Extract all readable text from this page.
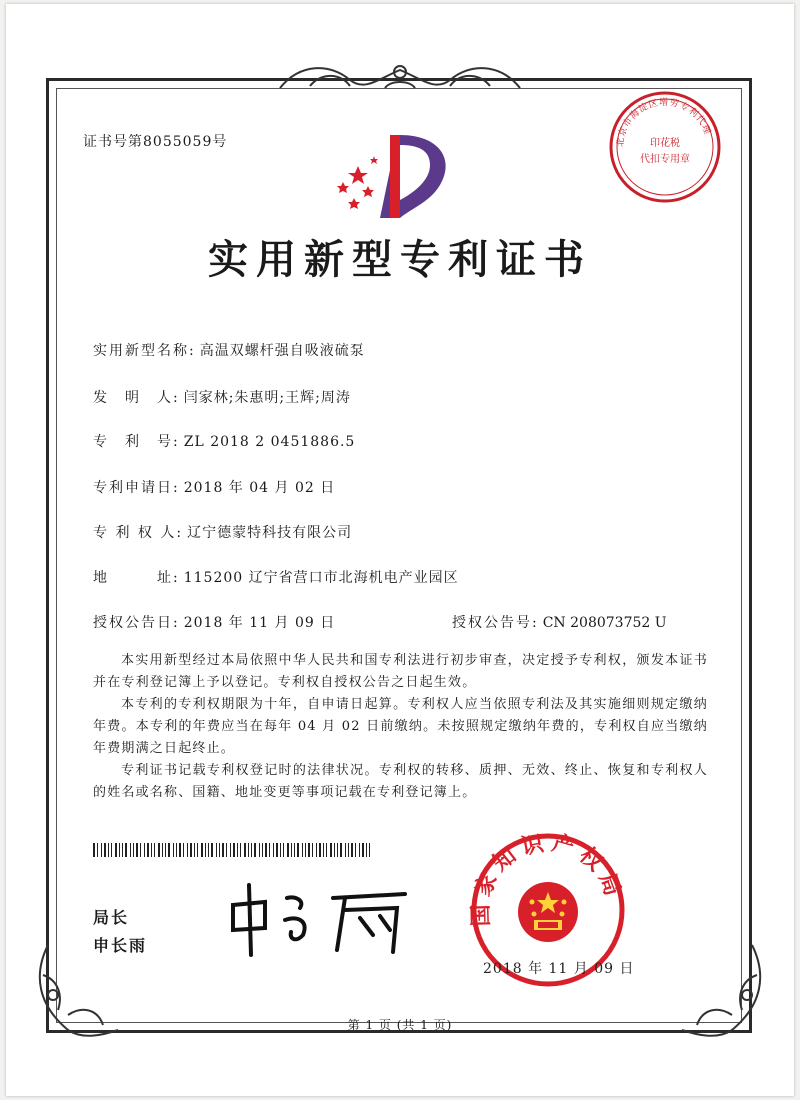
证书号第8055059号	北京市海淀区增劳专利代理
印花税
代扣专用章
实用新型专利证书
实用新型名称: 高温双螺杆强自吸液硫泵
发　明　人: 闫家林;朱惠明;王辉;周涛
专　利　号: ZL 2018 2 0451886.5
专利申请日: 2018 年 04 月 02 日
专 利 权 人: 辽宁德蒙特科技有限公司
地　　　址: 115200 辽宁省营口市北海机电产业园区
授权公告日: 2018 年 11 月 09 日	授权公告号: CN 208073752 U
本实用新型经过本局依照中华人民共和国专利法进行初步审查，决定授予专利权，颁发本证书并在专利登记簿上予以登记。专利权自授权公告之日起生效。
本专利的专利权期限为十年，自申请日起算。专利权人应当依照专利法及其实施细则规定缴纳年费。本专利的年费应当在每年 04 月 02 日前缴纳。未按照规定缴纳年费的，专利权自应当缴纳年费期满之日起终止。
专利证书记载专利权登记时的法律状况。专利权的转移、质押、无效、终止、恢复和专利权人的姓名或名称、国籍、地址变更等事项记载在专利登记簿上。
局长
申长雨
国家知识产权局
2018 年 11 月 09 日
第 1 页 (共 1 页)
